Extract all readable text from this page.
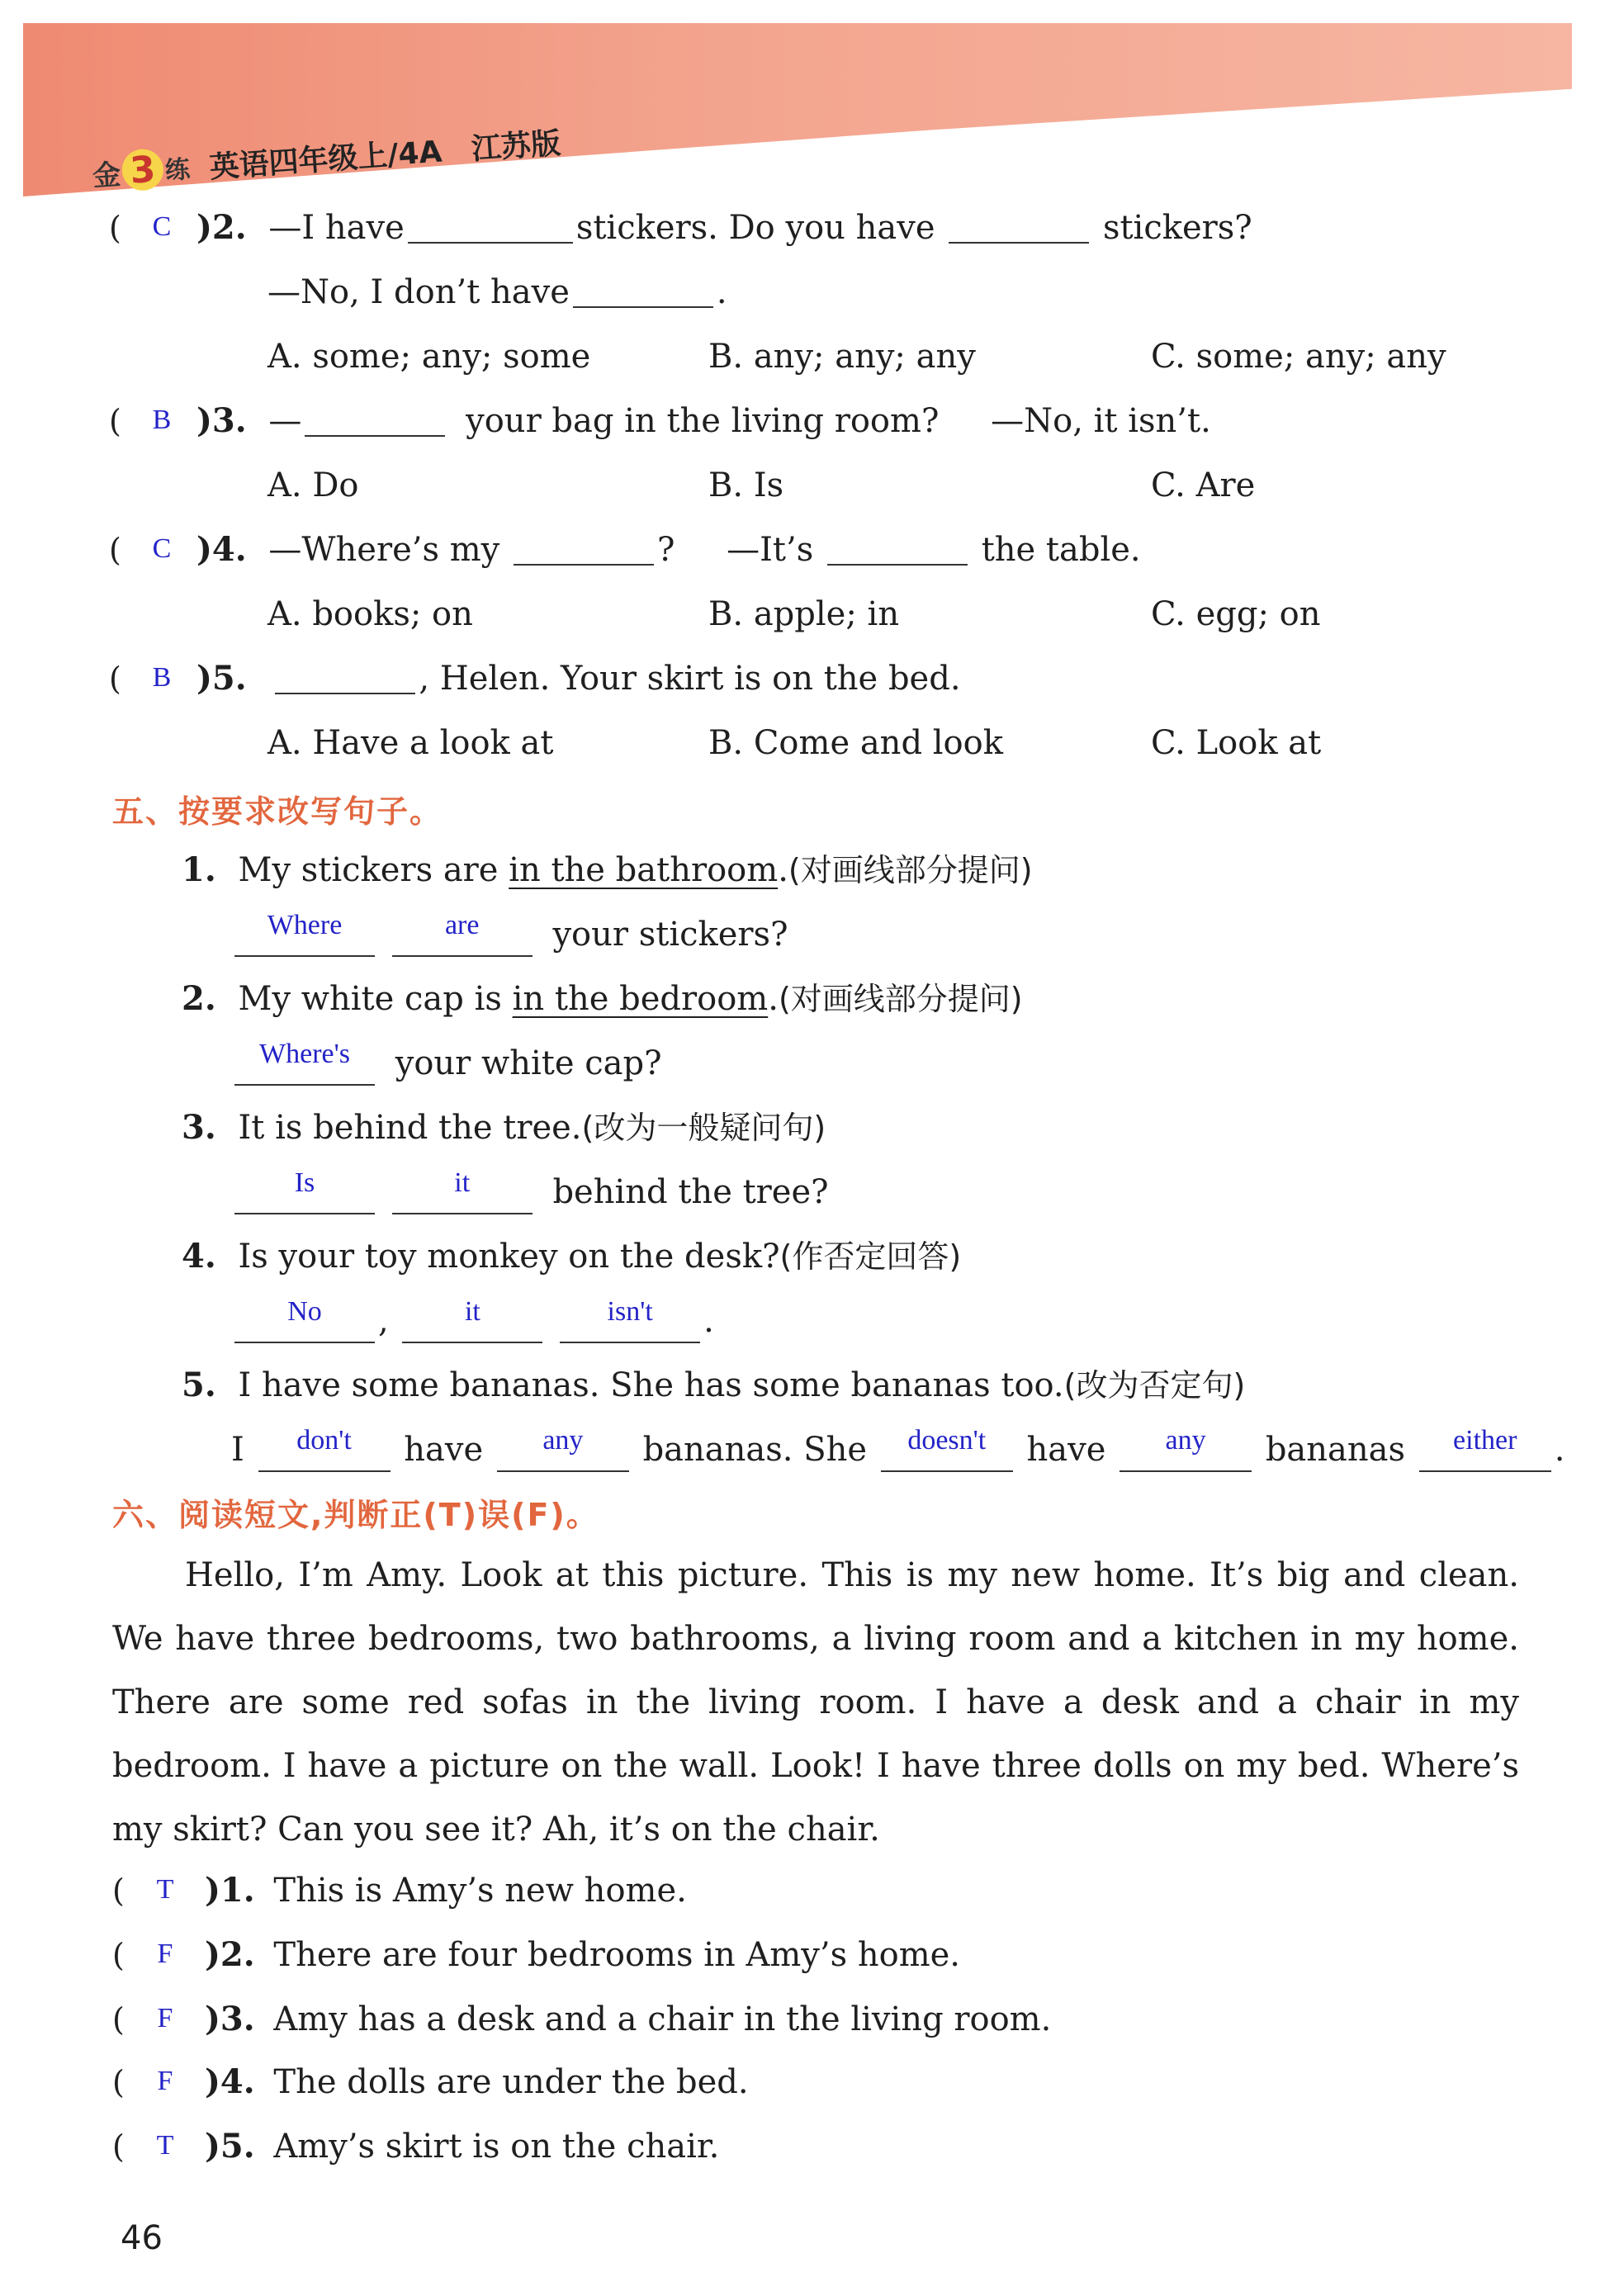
金 3 练 英语四年级上/4A 江苏版
( C )2. —I have	stickers. Do you have	stickers?
—No, I don’t have	.
A. some; any; some	B. any; any; any	C. some; any; any
( B )3. —	your bag in the living room? —No, it isn’t.
A. Do	B. Is	C. Are
( C )4. —Where’s my	? —It’s	the table.
A. books; on	B. apple; in	C. egg; on
( B )5.	, Helen. Your skirt is on the bed.
A. Have a look at	B. Come and look	C. Look at
五、按要求改写句子。
1. My stickers are in the bathroom.(对画线部分提问)
$^{Where}$	$^{are}$ your stickers?
2. My white cap is in the bedroom.(对画线部分提问)
$^{Where's}$ your white cap?
3. It is behind the tree.(改为一般疑问句)
$^{Is}$	$^{it}$	behind the tree?
4. Is your toy monkey on the desk?(作否定回答)
$^{No}$ ,	$^{it}$	$^{isn't}$ .
5. I have some bananas. She has some bananas too.(改为否定句)
I $^{don't}$ have $^{any}$ bananas. She $^{doesn't}$ have $^{any}$ bananas $^{either}$ .
六、阅读短文,判断正(T)误(F)。
Hello, I’m Amy. Look at this picture. This is my new home. It’s big and clean. We have three bedrooms, two bathrooms, a living room and a kitchen in my home. There are some red sofas in the living room. I have a desk and a chair in my bedroom. I have a picture on the wall. Look! I have three dolls on my bed. Where’s my skirt? Can you see it? Ah, it’s on the chair.
( T )1. This is Amy’s new home.
(	F )2. There are four bedrooms in Amy’s home.
(	F )3. Amy has a desk and a chair in the living room.
(	F )4. The dolls are under the bed.
( T )5. Amy’s skirt is on the chair.
46
